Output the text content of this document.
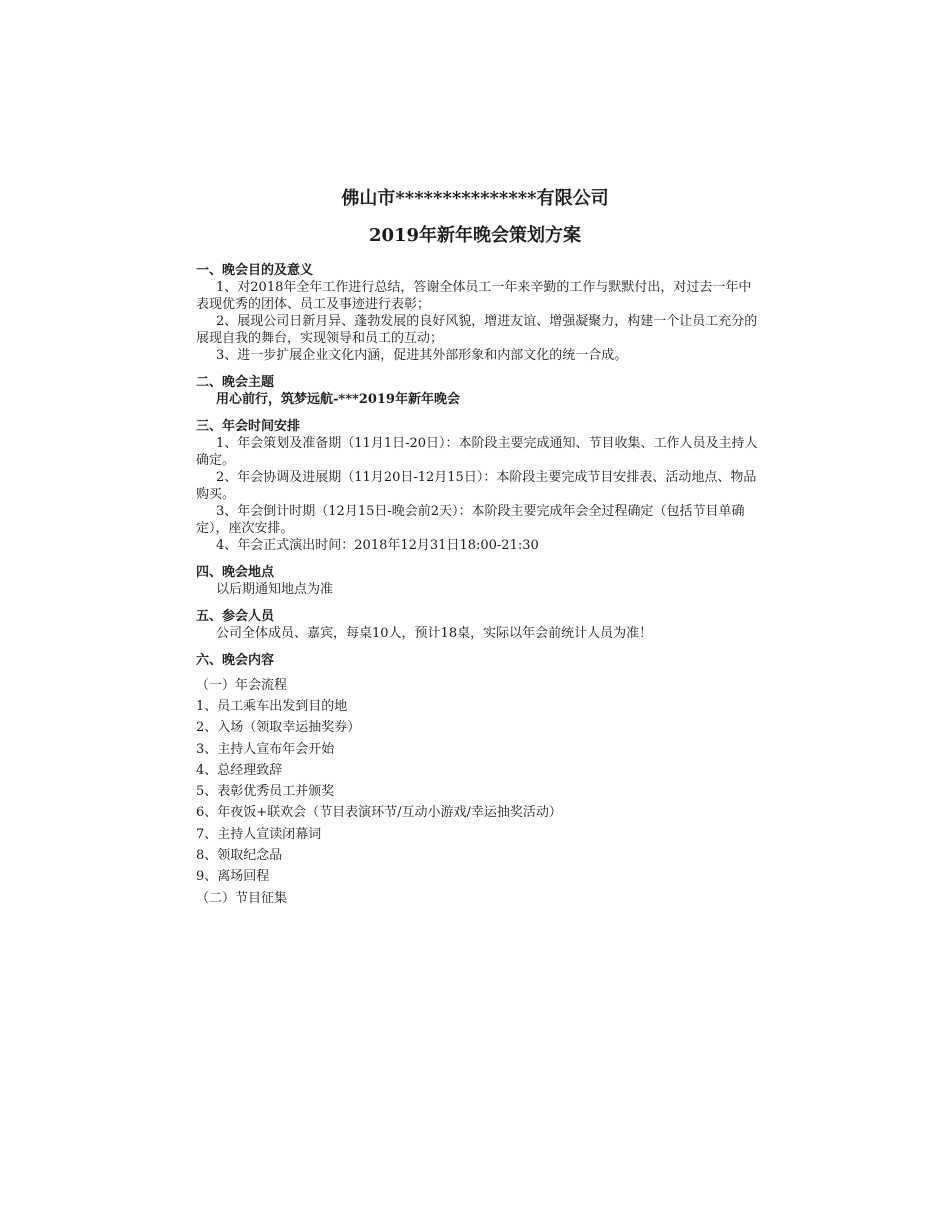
佛山市***************有限公司
2019年新年晚会策划方案
一、晚会目的及意义

1、对2018年全年工作进行总结，答谢全体员工一年来辛勤的工作与默默付出，对过去一年中表现优秀的团体、员工及事迹进行表彰；

2、展现公司日新月异、蓬勃发展的良好风貌，增进友谊、增强凝聚力，构建一个让员工充分的展现自我的舞台，实现领导和员工的互动；

3、进一步扩展企业文化内涵，促进其外部形象和内部文化的统一合成。

二、晚会主题

用心前行，筑梦远航-***2019年新年晚会

三、年会时间安排

1、年会策划及准备期（11月1日-20日）：本阶段主要完成通知、节目收集、工作人员及主持人确定。

2、年会协调及进展期（11月20日-12月15日）：本阶段主要完成节目安排表、活动地点、物品购买。

3、年会倒计时期（12月15日-晚会前2天）：本阶段主要完成年会全过程确定（包括节目单确定），座次安排。

4、年会正式演出时间：2018年12月31日18:00-21:30

四、晚会地点

以后期通知地点为准

五、参会人员

公司全体成员、嘉宾，每桌10人，预计18桌，实际以年会前统计人员为准！

六、晚会内容

（一）年会流程

1、员工乘车出发到目的地

2、入场（领取幸运抽奖券）

3、主持人宣布年会开始

4、总经理致辞

5、表彰优秀员工并颁奖

6、年夜饭+联欢会（节目表演环节/互动小游戏/幸运抽奖活动）

7、主持人宣读闭幕词

8、领取纪念品

9、离场回程

（二）节目征集
